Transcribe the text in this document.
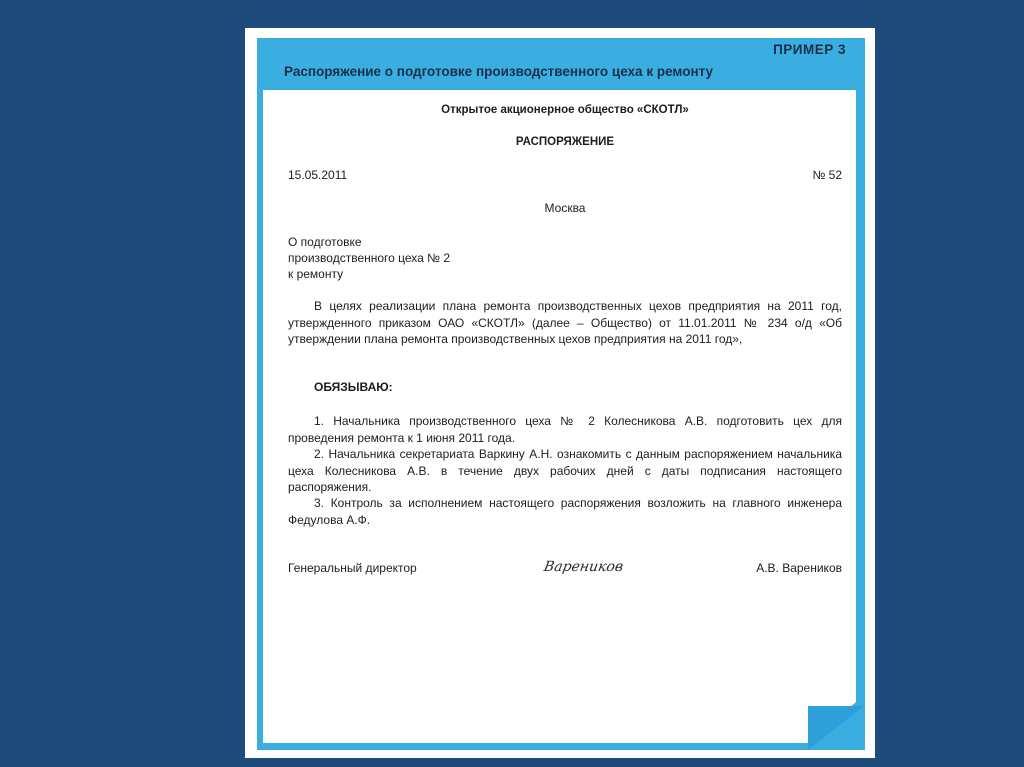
ПРИМЕР 3
Распоряжение о подготовке производственного цеха к ремонту
Открытое акционерное общество «СКОТЛ»
РАСПОРЯЖЕНИЕ
15.05.2011	№ 52
Москва
О подготовке
производственного цеха № 2
к ремонту
В целях реализации плана ремонта производственных цехов предприятия на 2011 год, утвержденного приказом ОАО «СКОТЛ» (далее – Общество) от 11.01.2011 № 234 о/д «Об утверждении плана ремонта производственных цехов предприятия на 2011 год»,
ОБЯЗЫВАЮ:
1. Начальника производственного цеха № 2 Колесникова А.В. подготовить цех для проведения ремонта к 1 июня 2011 года.
2. Начальника секретариата Варкину А.Н. ознакомить с данным распоряжением начальника цеха Колесникова А.В. в течение двух рабочих дней с даты подписания настоящего распоряжения.
3. Контроль за исполнением настоящего распоряжения возложить на главного инженера Федулова А.Ф.
Генеральный директор	Вареников	А.В. Вареников
